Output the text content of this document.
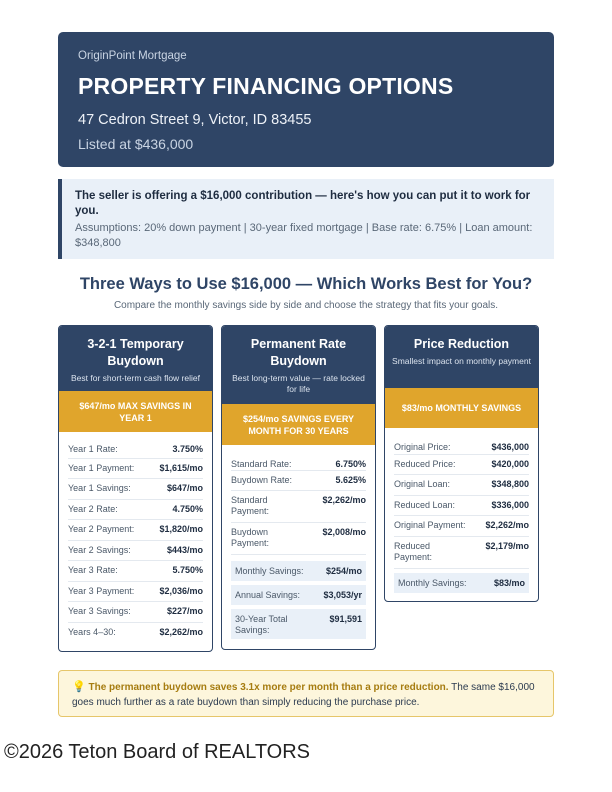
OriginPoint Mortgage
PROPERTY FINANCING OPTIONS
47 Cedron Street 9, Victor, ID 83455
Listed at $436,000
The seller is offering a $16,000 contribution — here's how you can put it to work for you.
Assumptions: 20% down payment | 30-year fixed mortgage | Base rate: 6.75% | Loan amount: $348,800
Three Ways to Use $16,000 — Which Works Best for You?
Compare the monthly savings side by side and choose the strategy that fits your goals.
3-2-1 Temporary Buydown
Best for short-term cash flow relief
$647/mo MAX SAVINGS IN YEAR 1
Year 1 Rate:	3.750%
Year 1 Payment:	$1,615/mo
Year 1 Savings:	$647/mo
Year 2 Rate:	4.750%
Year 2 Payment:	$1,820/mo
Year 2 Savings:	$443/mo
Year 3 Rate:	5.750%
Year 3 Payment:	$2,036/mo
Year 3 Savings:	$227/mo
Years 4–30:	$2,262/mo
Permanent Rate Buydown
Best long-term value — rate locked for life
$254/mo SAVINGS EVERY MONTH FOR 30 YEARS
Standard Rate:	6.750%
Buydown Rate:	5.625%
Standard Payment:
$2,262/mo
Buydown Payment:
$2,008/mo
Monthly Savings: $254/mo
Annual Savings:	$3,053/yr
30-Year Total Savings:
$91,591
Price Reduction
Smallest impact on monthly payment
$83/mo MONTHLY SAVINGS
Original Price:	$436,000
Reduced Price:	$420,000
Original Loan:	$348,800
Reduced Loan:	$336,000
Original Payment: $2,262/mo
Reduced Payment:
$2,179/mo
Monthly Savings:	$83/mo
💡 The permanent buydown saves 3.1x more per month than a price reduction. The same $16,000 goes much further as a rate buydown than simply reducing the purchase price.
©2026 Teton Board of REALTORS
